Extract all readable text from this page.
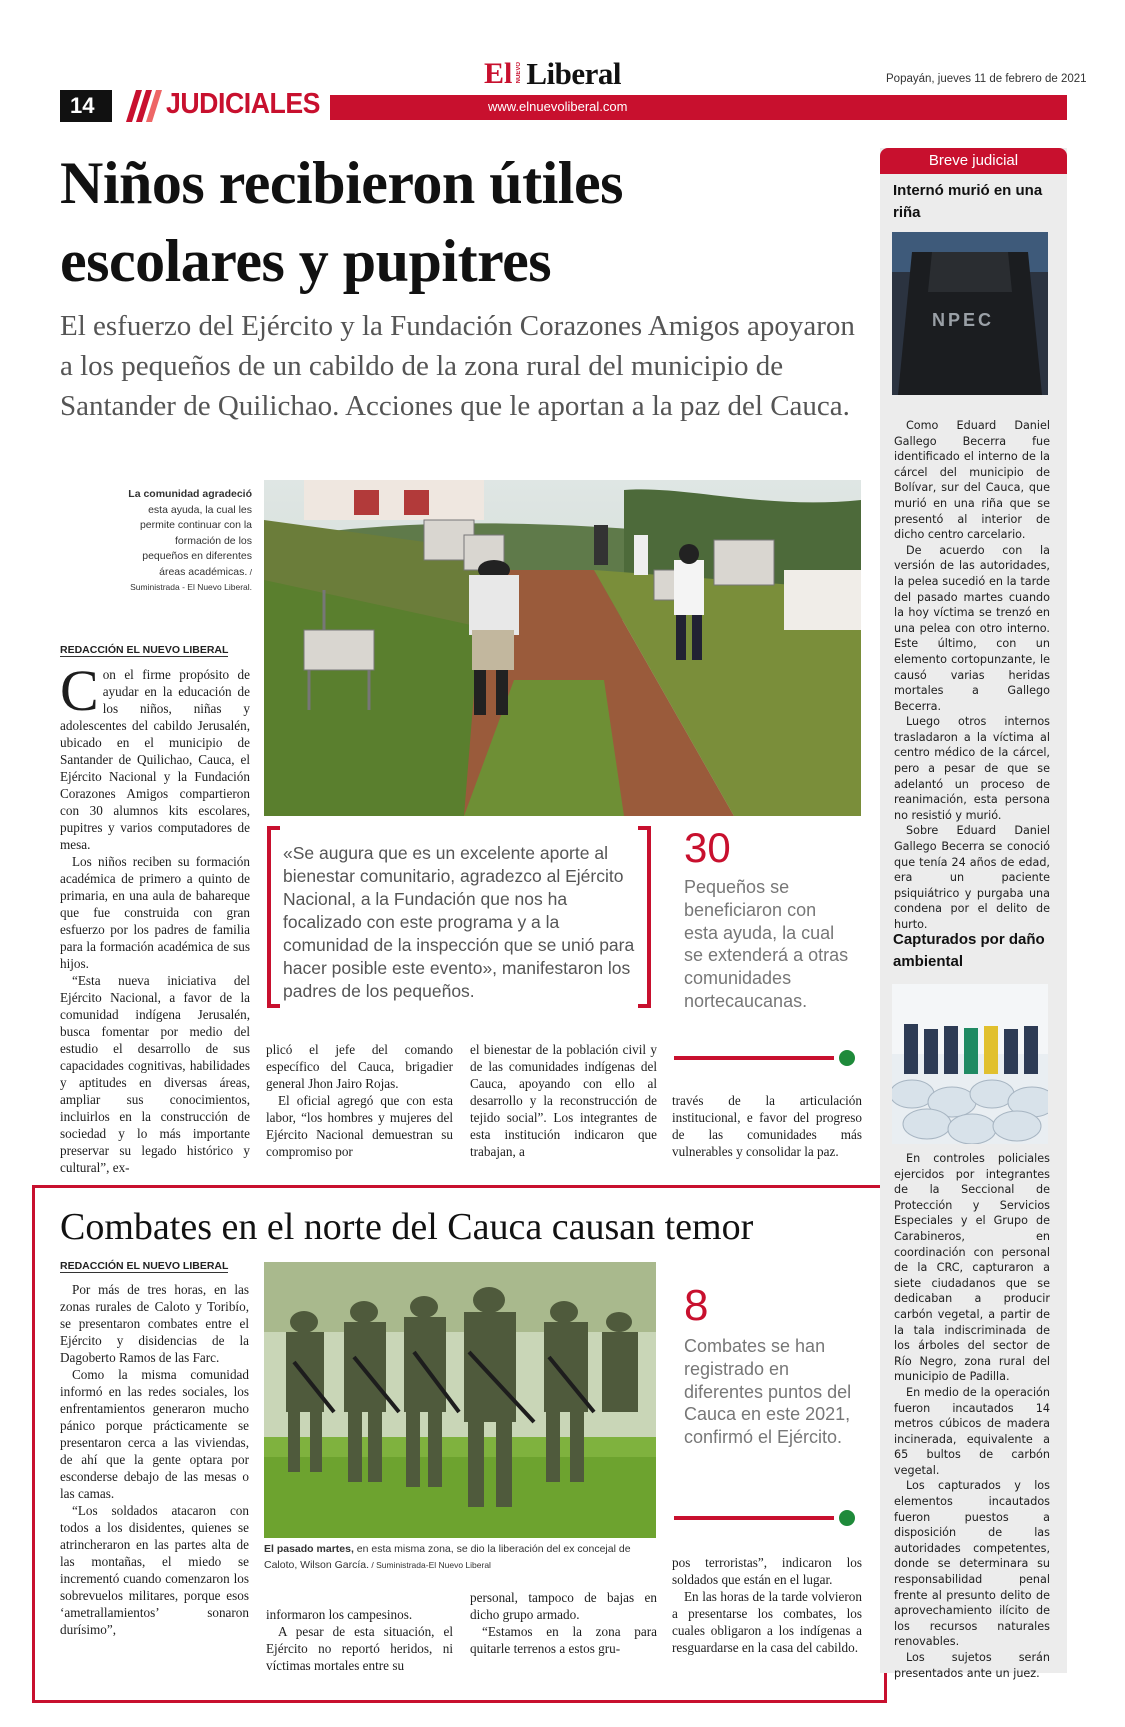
14	JUDICIALES	www.elnuevoliberal.com
El NUEVO Liberal	Popayán, jueves 11 de febrero de 2021
Niños recibieron útiles
escolares y pupitres
El esfuerzo del Ejército y la Fundación Corazones Amigos apoyaron a los pequeños de un cabildo de la zona rural del municipio de Santander de Quilichao. Acciones que le aportan a la paz del Cauca.
La comunidad agradeció esta ayuda, la cual les permite continuar con la formación de los pequeños en diferentes áreas académicas. / Suministrada - El Nuevo Liberal.
REDACCIÓN EL NUEVO LIBERAL

Con el firme propósito de ayudar en la educación de los niños, niñas y adolescentes del cabildo Jerusalén, ubicado en el municipio de Santander de Quilichao, Cauca, el Ejército Nacional y la Fundación Corazones Amigos compartieron con 30 alumnos kits escolares, pupitres y varios computadores de mesa.

Los niños reciben su formación académica de primero a quinto de primaria, en una aula de bahareque que fue construida con gran esfuerzo por los padres de familia para la formación académica de sus hijos.

“Esta nueva iniciativa del Ejército Nacional, a favor de la comunidad indígena Jerusalén, busca fomentar por medio del estudio el desarrollo de sus capacidades cognitivas, habilidades y aptitudes en diversas áreas, ampliar sus conocimientos, incluirlos en la construcción de sociedad y lo más importante preservar su legado histórico y cultural”, ex-

plicó el jefe del comando específico del Cauca, brigadier general Jhon Jairo Rojas.

El oficial agregó que con esta labor, “los hombres y mujeres del Ejército Nacional demuestran su compromiso por

el bienestar de la población civil y de las comunidades indígenas del Cauca, apoyando con ello al desarrollo y la reconstrucción de tejido social”. Los integrantes de esta institución indicaron que trabajan, a

través de la articulación institucional, e favor del progreso de las comunidades más vulnerables y consolidar la paz.

«Se augura que es un excelente aporte al bienestar comunitario, agradezco al Ejército Nacional, a la Fundación que nos ha focalizado con este programa y a la comunidad de la inspección que se unió para hacer posible este evento», manifestaron los padres de los pequeños.
30
Pequeños se beneficiaron con esta ayuda, la cual se extenderá a otras comunidades nortecaucanas.
Combates en el norte del Cauca causan temor
REDACCIÓN EL NUEVO LIBERAL

Por más de tres horas, en las zonas rurales de Caloto y Toribío, se presentaron combates entre el Ejército y disidencias de la Dagoberto Ramos de las Farc.

Como la misma comunidad informó en las redes sociales, los enfrentamientos generaron mucho pánico porque prácticamente se presentaron cerca a las viviendas, de ahí que la gente optara por esconderse debajo de las mesas o las camas.

“Los soldados atacaron con todos a los disidentes, quienes se atrincheraron en las partes alta de las montañas, el miedo se incrementó cuando comenzaron los sobrevuelos militares, porque esos ‘ametrallamientos’ sonaron durísimo”,

El pasado martes, en esta misma zona, se dio la liberación del ex concejal de Caloto, Wilson García. / Suministrada-El Nuevo Liberal

informaron los campesinos.

A pesar de esta situación, el Ejército no reportó heridos, ni víctimas mortales entre su

personal, tampoco de bajas en dicho grupo armado.

“Estamos en la zona para quitarle terrenos a estos gru-

pos terroristas”, indicaron los soldados que están en el lugar.

En las horas de la tarde volvieron a presentarse los combates, los cuales obligaron a los indígenas a resguardarse en la casa del cabildo.

8
Combates se han registrado en diferentes puntos del Cauca en este 2021, confirmó el Ejército.
Breve judicial
Internó murió en una riña
NPEC

Como Eduard Daniel Gallego Becerra fue identificado el interno de la cárcel del municipio de Bolívar, sur del Cauca, que murió en una riña que se presentó al interior de dicho centro carcelario.

De acuerdo con la versión de las autoridades, la pelea sucedió en la tarde del pasado martes cuando la hoy víctima se trenzó en una pelea con otro interno. Este último, con un elemento cortopunzante, le causó varias heridas mortales a Gallego Becerra.

Luego otros internos trasladaron a la víctima al centro médico de la cárcel, pero a pesar de que se adelantó un proceso de reanimación, esta persona no resistió y murió.

Sobre Eduard Daniel Gallego Becerra se conoció que tenía 24 años de edad, era un paciente psiquiátrico y purgaba una condena por el delito de hurto.

Capturados por daño ambiental

En controles policiales ejercidos por integrantes de la Seccional de Protección y Servicios Especiales y el Grupo de Carabineros, en coordinación con personal de la CRC, capturaron a siete ciudadanos que se dedicaban a producir carbón vegetal, a partir de la tala indiscriminada de los árboles del sector de Río Negro, zona rural del municipio de Padilla.

En medio de la operación fueron incautados 14 metros cúbicos de madera incinerada, equivalente a 65 bultos de carbón vegetal.

Los capturados y los elementos incautados fueron puestos a disposición de las autoridades competentes, donde se determinara su responsabilidad penal frente al presunto delito de aprovechamiento ilícito de los recursos naturales renovables.

Los sujetos serán presentados ante un juez.
